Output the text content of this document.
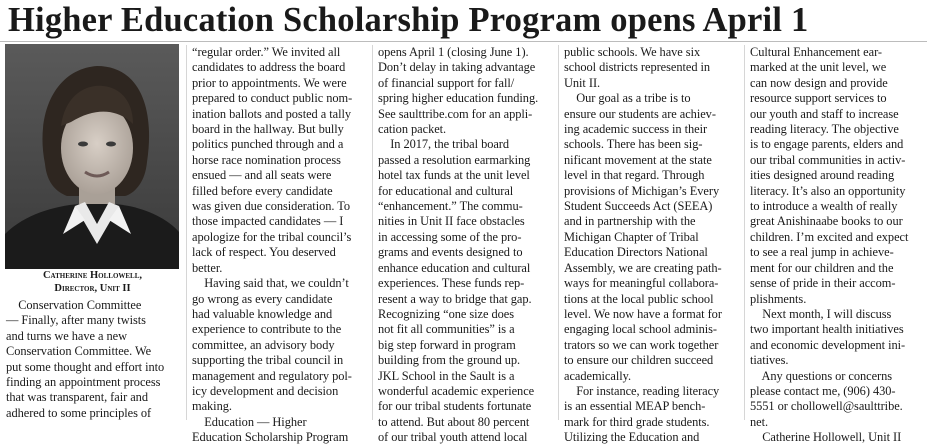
Higher Education Scholarship Program opens April 1
Catherine Hollowell,
Director, Unit II

Conservation Committee

— Finally, after many twists

and turns we have a new

Conservation Committee. We

put some thought and effort into

finding an appointment process

that was transparent, fair and

adhered to some principles of

“regular order.” We invited all

candidates to address the board

prior to appointments. We were

prepared to conduct public nom-

ination ballots and posted a tally

board in the hallway. But bully

politics punched through and a

horse race nomination process

ensued — and all seats were

filled before every candidate

was given due consideration. To

those impacted candidates — I

apologize for the tribal council’s

lack of respect. You deserved

better.

Having said that, we couldn’t

go wrong as every candidate

had valuable knowledge and

experience to contribute to the

committee, an advisory body

supporting the tribal council in

management and regulatory pol-

icy development and decision

making.

Education — Higher

Education Scholarship Program

opens April 1 (closing June 1).

Don’t delay in taking advantage

of financial support for fall/

spring higher education funding.

See saulttribe.com for an appli-

cation packet.

In 2017, the tribal board

passed a resolution earmarking

hotel tax funds at the unit level

for educational and cultural

“enhancement.” The commu-

nities in Unit II face obstacles

in accessing some of the pro-

grams and events designed to

enhance education and cultural

experiences. These funds rep-

resent a way to bridge that gap.

Recognizing “one size does

not fit all communities” is a

big step forward in program

building from the ground up.

JKL School in the Sault is a

wonderful academic experience

for our tribal students fortunate

to attend. But about 80 percent

of our tribal youth attend local

public schools. We have six

school districts represented in

Unit II.

Our goal as a tribe is to

ensure our students are achiev-

ing academic success in their

schools. There has been sig-

nificant movement at the state

level in that regard. Through

provisions of Michigan’s Every

Student Succeeds Act (SEEA)

and in partnership with the

Michigan Chapter of Tribal

Education Directors National

Assembly, we are creating path-

ways for meaningful collabora-

tions at the local public school

level. We now have a format for

engaging local school adminis-

trators so we can work together

to ensure our children succeed

academically.

For instance, reading literacy

is an essential MEAP bench-

mark for third grade students.

Utilizing the Education and

Cultural Enhancement ear-

marked at the unit level, we

can now design and provide

resource support services to

our youth and staff to increase

reading literacy. The objective

is to engage parents, elders and

our tribal communities in activ-

ities designed around reading

literacy. It’s also an opportunity

to introduce a wealth of really

great Anishinaabe books to our

children. I’m excited and expect

to see a real jump in achieve-

ment for our children and the

sense of pride in their accom-

plishments.

Next month, I will discuss

two important health initiatives

and economic development ini-

tiatives.

Any questions or concerns

please contact me, (906) 430-

5551 or chollowell@saulttribe.

net.

Catherine Hollowell, Unit II
